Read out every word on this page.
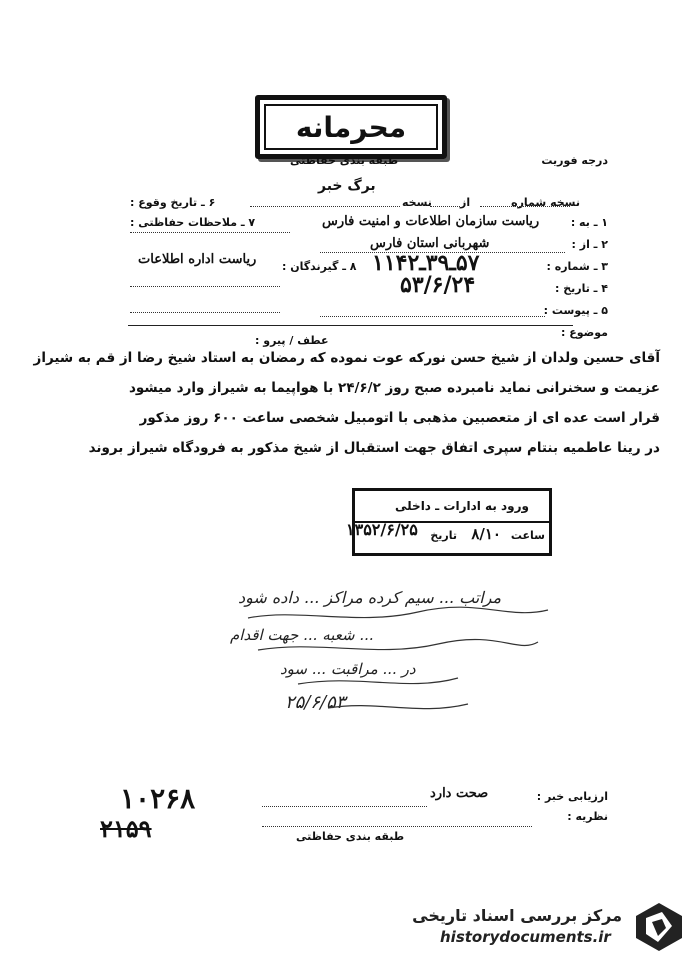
محرمانه
درجه فوریت
طبقه بندی حفاظتی
برگ خبر
نسخه شماره
از
نسخه
۶ ـ تاریخ وقوع :
۱ ـ به :
ریاست سازمان اطلاعات و امنیت فارس
۷ ـ ملاحظات حفاظتی :
۲ ـ از :
شهربانی استان فارس
۳ ـ شماره :
۵۷ـ۳۹ـ۱۱۴۲
۸ ـ گیرندگان :
ریاست اداره اطلاعات
۴ ـ تاریخ :
۵۳/۶/۲۴
۵ ـ پیوست :
موضوع :
عطف / پیرو :
آقای حسین ولدان از شیخ حسن نورکه عوت نموده که رمضان به استاد شیخ رضا از قم به شیراز
عزیمت و سخنرانی نماید نامبرده صبح روز ۲۴/۶/۲ با هواپیما به شیراز وارد میشود
قرار است عده ای از متعصبین مذهبی با اتومبیل شخصی ساعت ۶۰۰ روز مذکور
در رینا عاطمیه بنتام سپری اتفاق جهت استقبال از شیخ مذکور به فرودگاه شیراز بروند
ورود به ادارات ـ داخلی
ساعت
۸/۱۰
تاریخ
۱۳۵۲/۶/۲۵
مراتب ... سیم کرده مراکز ... داده شود
... شعبه ... جهت اقدام
در ... مراقبت ... سود
۲۵/۶/۵۳
ارزیابی خبر :
صحت دارد
نظریه :
طبقه بندی حفاظتی
۱۰۲۶۸
۲۱۵۹
مرکز بررسی اسناد تاریخی
historydocuments.ir
